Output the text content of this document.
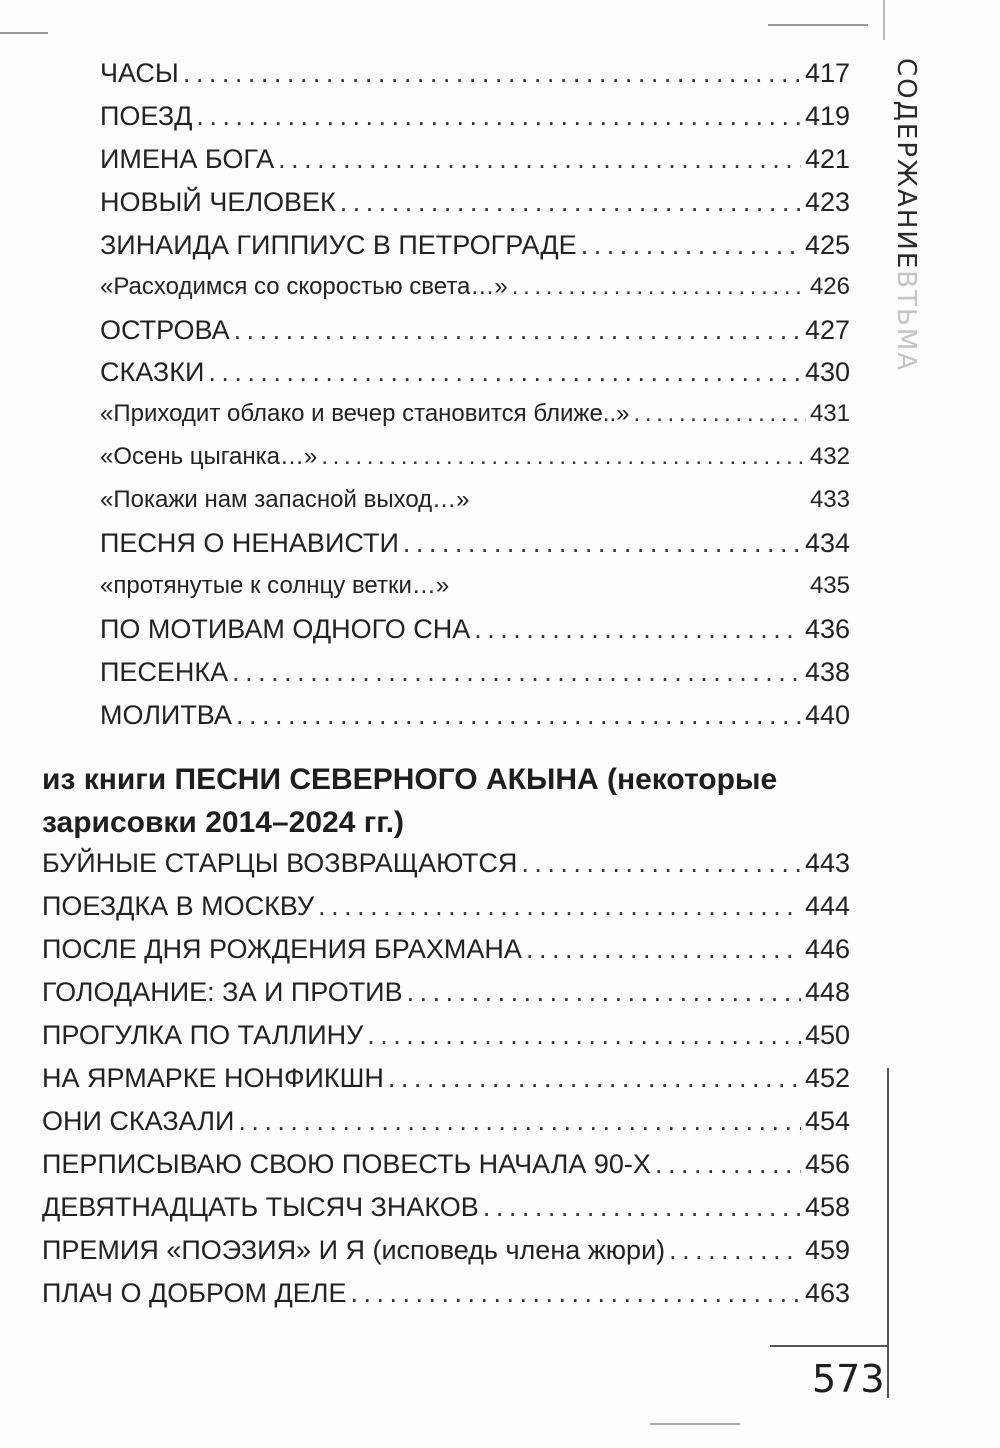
СОДЕРЖАНИЕВТЬМА
ЧАСЫ . . .	417
ПОЕЗД . . .	419
ИМЕНА БОГА . . .	421
НОВЫЙ ЧЕЛОВЕК . . .	423
ЗИНАИДА ГИППИУС В ПЕТРОГРАДЕ . . .	425
«Расходимся со скоростью света…» . . .	426
ОСТРОВА . . .	427
СКАЗКИ . . .	430
«Приходит облако и вечер становится ближе..» . . .	431
«Осень цыганка…» . . .	432
«Покажи нам запасной выход…»	433
ПЕСНЯ О НЕНАВИСТИ . . .	434
«протянутые к солнцу ветки…»	435
ПО МОТИВАМ ОДНОГО СНА . . .	436
ПЕСЕНКА . . .	438
МОЛИТВА . . .	440
из книги ПЕСНИ СЕВЕРНОГО АКЫНА (некоторые зарисовки 2014–2024 гг.)
БУЙНЫЕ СТАРЦЫ ВОЗВРАЩАЮТСЯ . . .	443
ПОЕЗДКА В МОСКВУ . . .	444
ПОСЛЕ ДНЯ РОЖДЕНИЯ БРАХМАНА . . .	446
ГОЛОДАНИЕ: ЗА И ПРОТИВ . . .	448
ПРОГУЛКА ПО ТАЛЛИНУ . . .	450
НА ЯРМАРКЕ НОНФИКШН . . .	452
ОНИ СКАЗАЛИ . . .	454
ПЕРПИСЫВАЮ СВОЮ ПОВЕСТЬ НАЧАЛА 90-Х . . .	456
ДЕВЯТНАДЦАТЬ ТЫСЯЧ ЗНАКОВ . . .	458
ПРЕМИЯ «ПОЭЗИЯ» И Я (исповедь члена жюри) . . .	459
ПЛАЧ О ДОБРОМ ДЕЛЕ . . .	463
573
